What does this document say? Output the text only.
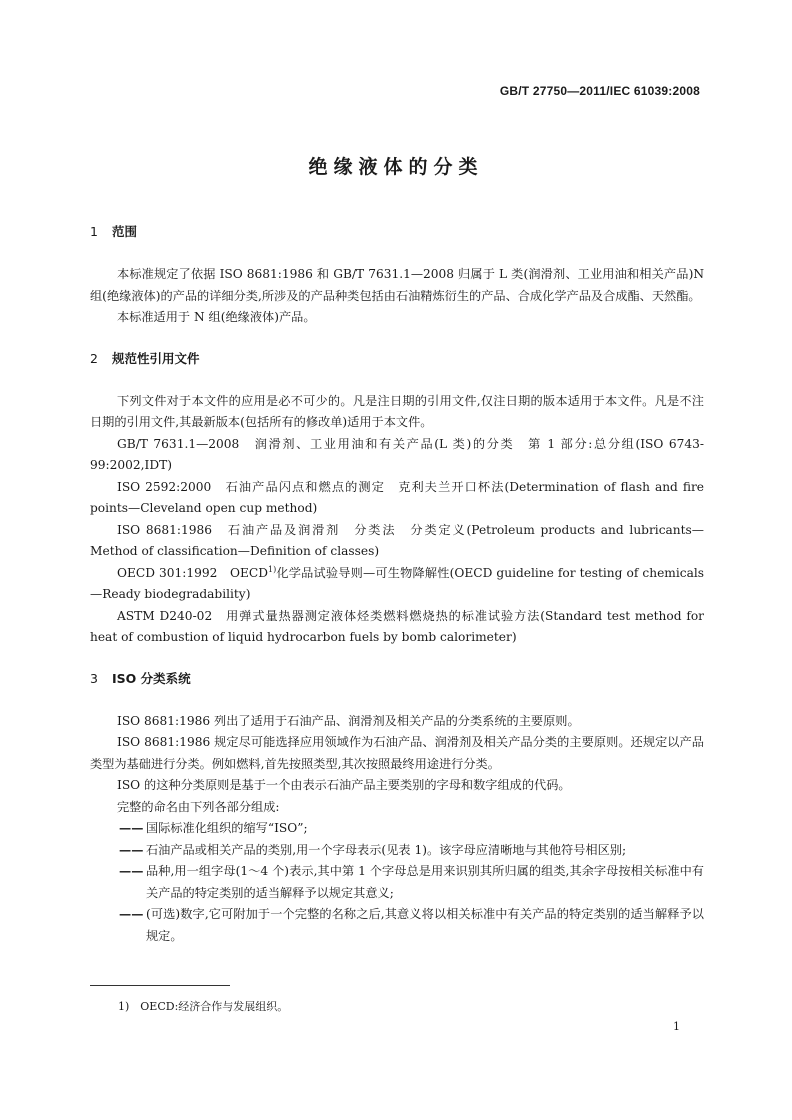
GB/T 27750—2011/IEC 61039:2008
绝缘液体的分类
1 范围

本标准规定了依据 ISO 8681:1986 和 GB/T 7631.1—2008 归属于 L 类(润滑剂、工业用油和相关产品)N 组(绝缘液体)的产品的详细分类,所涉及的产品种类包括由石油精炼衍生的产品、合成化学产品及合成酯、天然酯。

本标准适用于 N 组(绝缘液体)产品。

2 规范性引用文件

下列文件对于本文件的应用是必不可少的。凡是注日期的引用文件,仅注日期的版本适用于本文件。凡是不注日期的引用文件,其最新版本(包括所有的修改单)适用于本文件。

GB/T 7631.1—2008　润滑剂、工业用油和有关产品(L 类)的分类　第 1 部分:总分组(ISO 6743-99:2002,IDT)

ISO 2592:2000　石油产品闪点和燃点的测定　克利夫兰开口杯法(Determination of flash and fire points—Cleveland open cup method)

ISO 8681:1986　石油产品及润滑剂　分类法　分类定义(Petroleum products and lubricants—Method of classification—Definition of classes)

OECD 301:1992　OECD$^{1)}$化学品试验导则—可生物降解性(OECD guideline for testing of chemicals—Ready biodegradability)

ASTM D240-02　用弹式量热器测定液体烃类燃料燃烧热的标准试验方法(Standard test method for heat of combustion of liquid hydrocarbon fuels by bomb calorimeter)

3 ISO 分类系统

ISO 8681:1986 列出了适用于石油产品、润滑剂及相关产品的分类系统的主要原则。

ISO 8681:1986 规定尽可能选择应用领域作为石油产品、润滑剂及相关产品分类的主要原则。还规定以产品类型为基础进行分类。例如燃料,首先按照类型,其次按照最终用途进行分类。

ISO 的这种分类原则是基于一个由表示石油产品主要类别的字母和数字组成的代码。

完整的命名由下列各部分组成:

—— 国际标准化组织的缩写“ISO”;

—— 石油产品或相关产品的类别,用一个字母表示(见表 1)。该字母应清晰地与其他符号相区别;

—— 品种,用一组字母(1～4 个)表示,其中第 1 个字母总是用来识别其所归属的组类,其余字母按相关标准中有关产品的特定类别的适当解释予以规定其意义;

—— (可选)数字,它可附加于一个完整的名称之后,其意义将以相关标准中有关产品的特定类别的适当解释予以规定。

1)　OECD:经济合作与发展组织。
1
